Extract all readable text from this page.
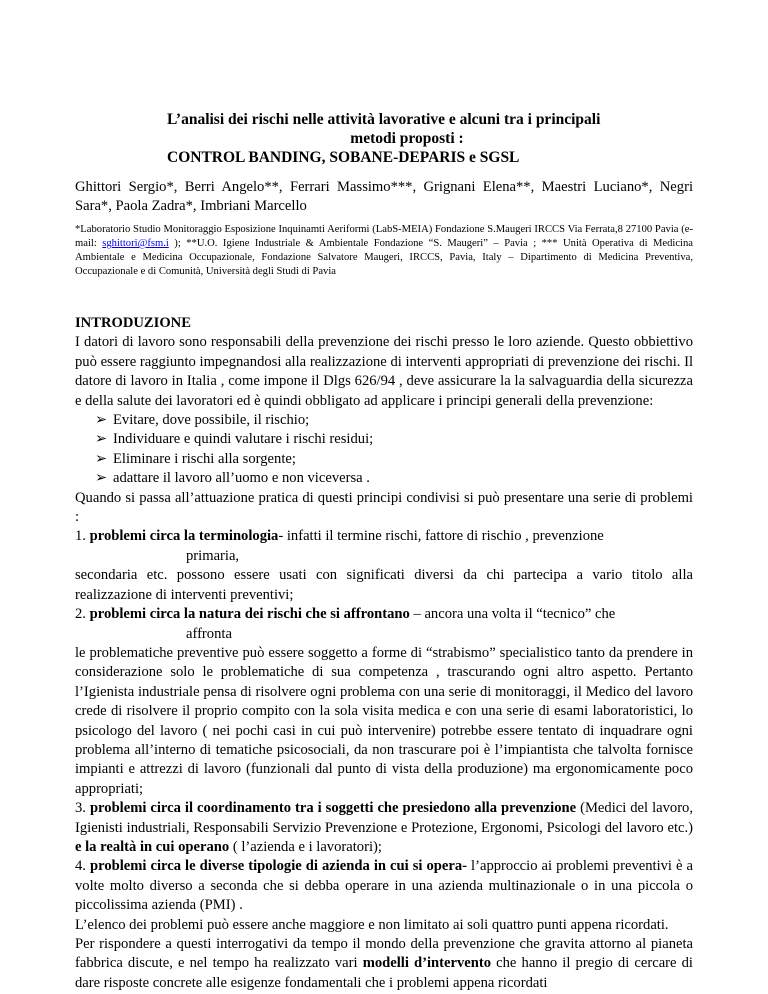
L’analisi dei rischi nelle attività lavorative e alcuni tra i principali

metodi proposti :
CONTROL BANDING, SOBANE-DEPARIS e SGSL
Ghittori Sergio*, Berri Angelo**, Ferrari Massimo***, Grignani Elena**, Maestri Luciano*, Negri Sara*, Paola Zadra*, Imbriani Marcello
*Laboratorio Studio Monitoraggio Esposizione Inquinamti Aeriformi (LabS-MEIA) Fondazione S.Maugeri IRCCS Via Ferrata,8 27100 Pavia (e-mail: sghittori@fsm.i ); **U.O. Igiene Industriale & Ambientale Fondazione “S. Maugeri” – Pavia ; *** Unità Operativa di Medicina Ambientale e Medicina Occupazionale, Fondazione Salvatore Maugeri, IRCCS, Pavia, Italy – Dipartimento di Medicina Preventiva, Occupazionale e di Comunità, Università degli Studi di Pavia

INTRODUZIONE

I datori di lavoro sono responsabili della prevenzione dei rischi presso le loro aziende. Questo obbiettivo può essere raggiunto impegnandosi alla realizzazione di interventi appropriati di prevenzione dei rischi. Il datore di lavoro in Italia , come impone il Dlgs 626/94 , deve assicurare la la salvaguardia della sicurezza e della salute dei lavoratori ed è quindi obbligato ad applicare i principi generali della prevenzione:

➢ Evitare, dove possibile, il rischio;
➢ Individuare e quindi valutare i rischi residui;
➢ Eliminare i rischi alla sorgente;
➢ adattare il lavoro all’uomo e non viceversa .

Quando si passa all’attuazione pratica di questi principi condivisi si può presentare una serie di problemi :

1. problemi circa la terminologia- infatti il termine rischi, fattore di rischio , prevenzione

primaria,

secondaria etc. possono essere usati con significati diversi da chi partecipa a vario titolo alla realizzazione di interventi preventivi;

2. problemi circa la natura dei rischi che si affrontano – ancora una volta il “tecnico” che

affronta

le problematiche preventive può essere soggetto a forme di “strabismo” specialistico tanto da prendere in considerazione solo le problematiche di sua competenza , trascurando ogni altro aspetto. Pertanto l’Igienista industriale pensa di risolvere ogni problema con una serie di monitoraggi, il Medico del lavoro crede di risolvere il proprio compito con la sola visita medica e con una serie di esami laboratoristici, lo psicologo del lavoro ( nei pochi casi in cui può intervenire) potrebbe essere tentato di inquadrare ogni problema all’interno di tematiche psicosociali, da non trascurare poi è l’impiantista che talvolta fornisce impianti e attrezzi di lavoro (funzionali dal punto di vista della produzione) ma ergonomicamente poco appropriati;

3. problemi circa il coordinamento tra i soggetti che presiedono alla prevenzione (Medici del lavoro, Igienisti industriali, Responsabili Servizio Prevenzione e Protezione, Ergonomi, Psicologi del lavoro etc.) e la realtà in cui operano ( l’azienda e i lavoratori);

4. problemi circa le diverse tipologie di azienda in cui si opera- l’approccio ai problemi preventivi è a volte molto diverso a seconda che si debba operare in una azienda multinazionale o in una piccola o piccolissima azienda (PMI) .

L’elenco dei problemi può essere anche maggiore e non limitato ai soli quattro punti appena ricordati.

Per rispondere a questi interrogativi da tempo il mondo della prevenzione che gravita attorno al pianeta fabbrica discute, e nel tempo ha realizzato vari modelli d’intervento che hanno il pregio di cercare di dare risposte concrete alle esigenze fondamentali che i problemi appena ricordati
